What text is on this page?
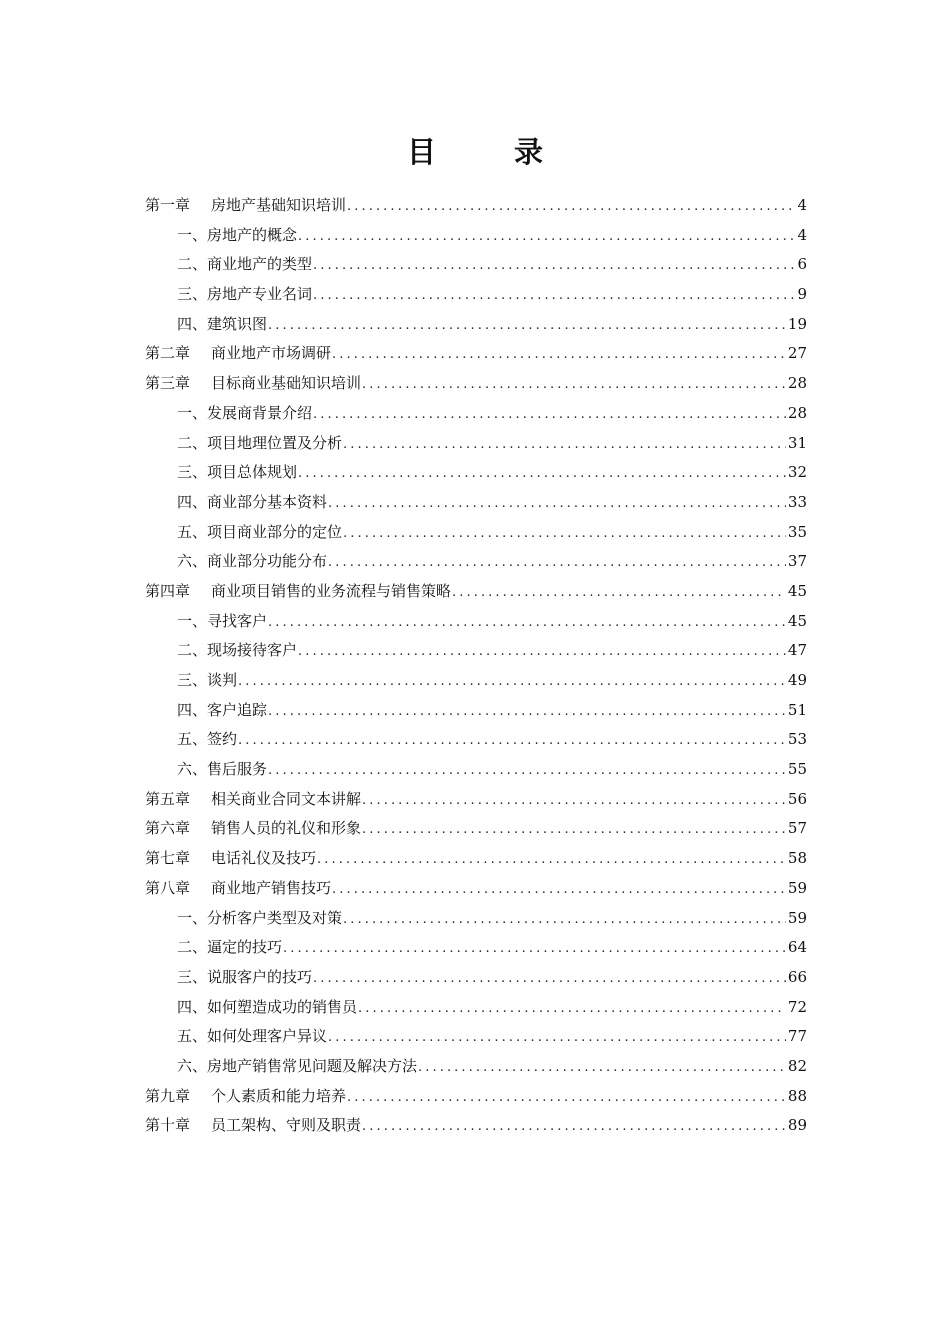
目 录
第一章	房地产基础知识培训 .....	4
一、房地产的概念 .....	4
二、商业地产的类型 .....	6
三、房地产专业名词 .....	9
四、建筑识图 .....	19
第二章	商业地产市场调研 .....	27
第三章	目标商业基础知识培训 .....	28
一、发展商背景介绍 .....	28
二、项目地理位置及分析 .....	31
三、项目总体规划 .....	32
四、商业部分基本资料 .....	33
五、项目商业部分的定位 .....	35
六、商业部分功能分布 .....	37
第四章	商业项目销售的业务流程与销售策略 .....	45
一、寻找客户 .....	45
二、现场接待客户 .....	47
三、谈判 .....	49
四、客户追踪 .....	51
五、签约 .....	53
六、售后服务 .....	55
第五章	相关商业合同文本讲解 .....	56
第六章	销售人员的礼仪和形象 .....	57
第七章	电话礼仪及技巧 .....	58
第八章	商业地产销售技巧 .....	59
一、分析客户类型及对策 .....	59
二、逼定的技巧 .....	64
三、说服客户的技巧 .....	66
四、如何塑造成功的销售员 .....	72
五、如何处理客户异议 .....	77
六、房地产销售常见问题及解决方法 .....	82
第九章	个人素质和能力培养 .....	88
第十章	员工架构、守则及职责 .....	89
